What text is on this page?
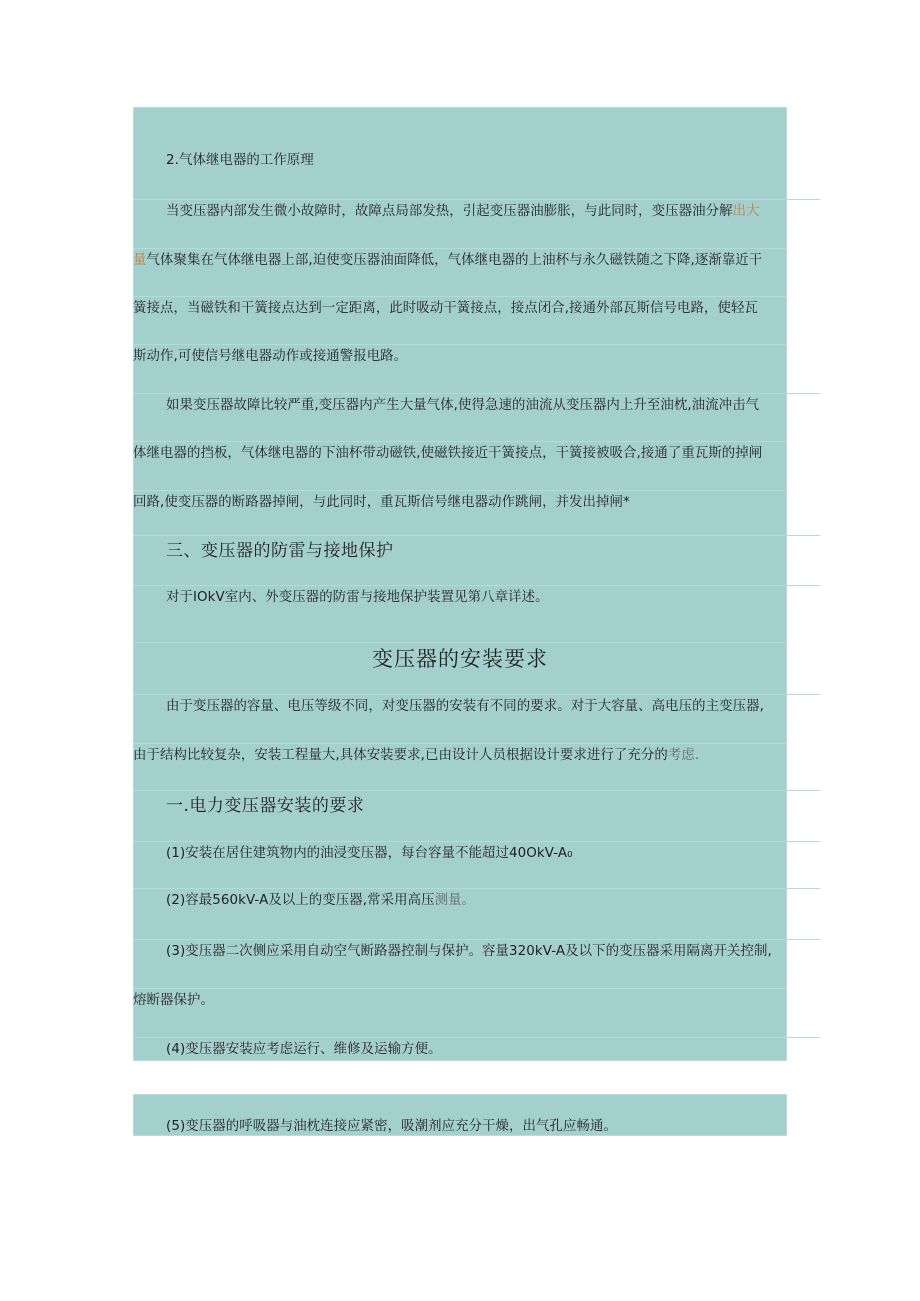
2.气体继电器的工作原理
当变压器内部发生微小故障时，故障点局部发热，引起变压器油膨胀，与此同时，变压器油分解出大
量气体聚集在气体继电器上部,迫使变压器油面降低，气体继电器的上油杯与永久磁铁随之下降,逐渐靠近干
簧接点，当磁铁和干簧接点达到一定距离，此时吸动干簧接点，接点闭合,接通外部瓦斯信号电路，使轻瓦
斯动作,可使信号继电器动作或接通警报电路。
如果变压器故障比较严重,变压器内产生大量气体,使得急速的油流从变压器内上升至油枕,油流冲击气
体继电器的挡板，气体继电器的下油杯带动磁铁,使磁铁接近干簧接点，干簧接被吸合,接通了重瓦斯的掉闸
回路,使变压器的断路器掉闸，与此同时，重瓦斯信号继电器动作跳闸，并发出掉闸*
三、变压器的防雷与接地保护
对于IOkV室内、外变压器的防雷与接地保护装置见第八章详述。
变压器的安装要求
由于变压器的容量、电压等级不同，对变压器的安装有不同的要求。对于大容量、高电压的主变压器,
由于结构比较复杂，安装工程量大,具体安装要求,已由设计人员根据设计要求进行了充分的考虑.
一.电力变压器安装的要求
(1)安装在居住建筑物内的油浸变压器，每台容量不能超过40OkV-A₀
(2)容最560kV-A及以上的变压器,常采用高压测量。
(3)变压器二次侧应采用自动空气断路器控制与保护。容量320kV-A及以下的变压器采用隔离开关控制,
熔断器保护。
(4)变压器安装应考虑运行、维修及运输方便。
(5)变压器的呼吸器与油枕连接应紧密，吸潮剂应充分干燥，出气孔应畅通。
